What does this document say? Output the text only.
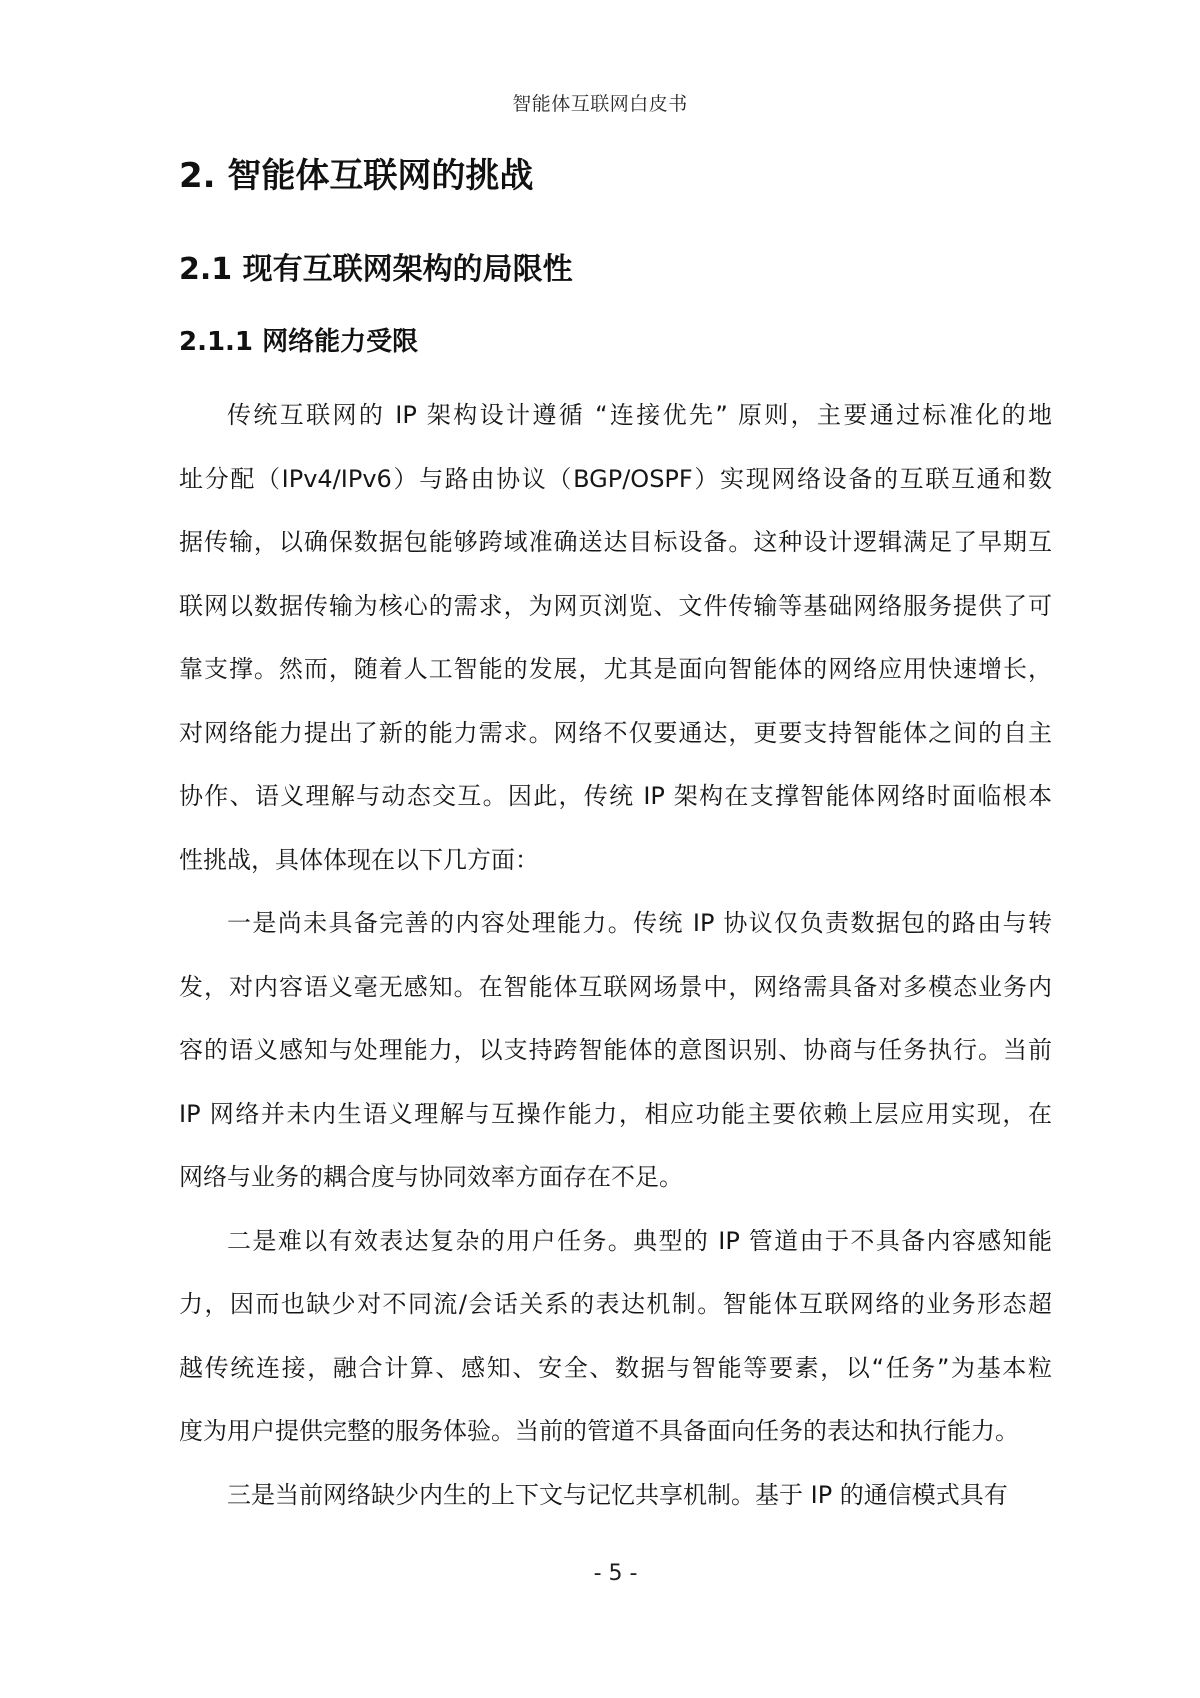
智能体互联网白皮书
2. 智能体互联网的挑战
2.1 现有互联网架构的局限性
2.1.1 网络能力受限
传统互联网的 IP 架构设计遵循 “连接优先” 原则，主要通过标准化的地
址分配（IPv4/IPv6）与路由协议（BGP/OSPF）实现网络设备的互联互通和数
据传输，以确保数据包能够跨域准确送达目标设备。这种设计逻辑满足了早期互
联网以数据传输为核心的需求，为网页浏览、文件传输等基础网络服务提供了可
靠支撑。然而，随着人工智能的发展，尤其是面向智能体的网络应用快速增长，
对网络能力提出了新的能力需求。网络不仅要通达，更要支持智能体之间的自主
协作、语义理解与动态交互。因此，传统 IP 架构在支撑智能体网络时面临根本
性挑战，具体体现在以下几方面：
一是尚未具备完善的内容处理能力。传统 IP 协议仅负责数据包的路由与转
发，对内容语义毫无感知。在智能体互联网场景中，网络需具备对多模态业务内
容的语义感知与处理能力，以支持跨智能体的意图识别、协商与任务执行。当前
IP 网络并未内生语义理解与互操作能力，相应功能主要依赖上层应用实现，在
网络与业务的耦合度与协同效率方面存在不足。
二是难以有效表达复杂的用户任务。典型的 IP 管道由于不具备内容感知能
力，因而也缺少对不同流/会话关系的表达机制。智能体互联网络的业务形态超
越传统连接，融合计算、感知、安全、数据与智能等要素，以“任务”为基本粒
度为用户提供完整的服务体验。当前的管道不具备面向任务的表达和执行能力。
三是当前网络缺少内生的上下文与记忆共享机制。基于 IP 的通信模式具有
- 5 -
